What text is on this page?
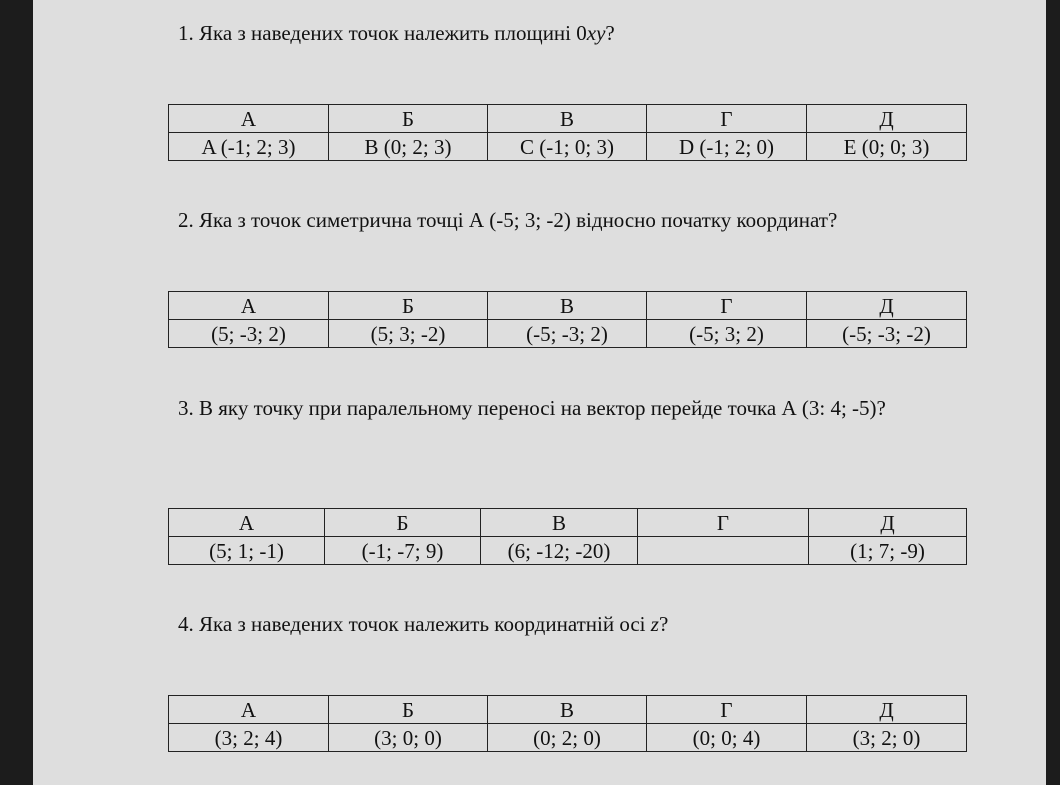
1. Яка з наведених точок належить площині 0xy?

А	Б	В	Г	Д
A (-1; 2; 3)	B (0; 2; 3)	C (-1; 0; 3)	D (-1; 2; 0)	E (0; 0; 3)

2. Яка з точок симетрична точці А (-5; 3; -2) відносно початку координат?

А	Б	В	Г	Д
(5; -3; 2)	(5; 3; -2)	(-5; -3; 2)	(-5; 3; 2)	(-5; -3; -2)

3. В яку точку при паралельному переносі на вектор перейде точка А (3: 4; -5)?

А	Б	В	Г	Д
(5; 1; -1)	(-1; -7; 9)	(6; -12; -20)		(1; 7; -9)

4. Яка з наведених точок належить координатній осі z?

А	Б	В	Г	Д
(3; 2; 4)	(3; 0; 0)	(0; 2; 0)	(0; 0; 4)	(3; 2; 0)
